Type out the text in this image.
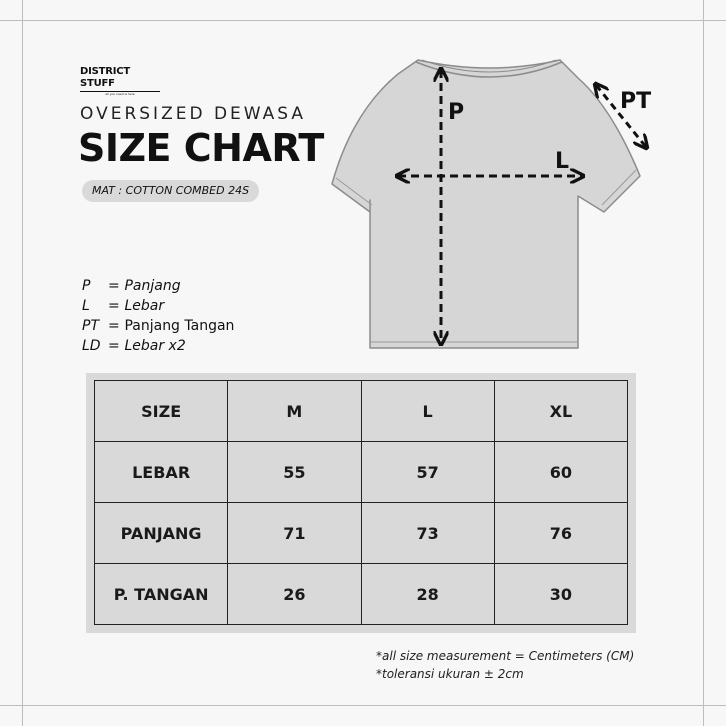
DISTRICT STUFF
all you need is here
OVERSIZED DEWASA
SIZE CHART
MAT : COTTON COMBED 24S
P = Panjang
L = Lebar
PT = Panjang Tangan
LD = Lebar x2
P
L
PT
SIZE	M	L	XL
LEBAR	55	57	60
PANJANG	71	73	76
P. TANGAN	26	28	30
*all size measurement = Centimeters (CM)
*toleransi ukuran ± 2cm
